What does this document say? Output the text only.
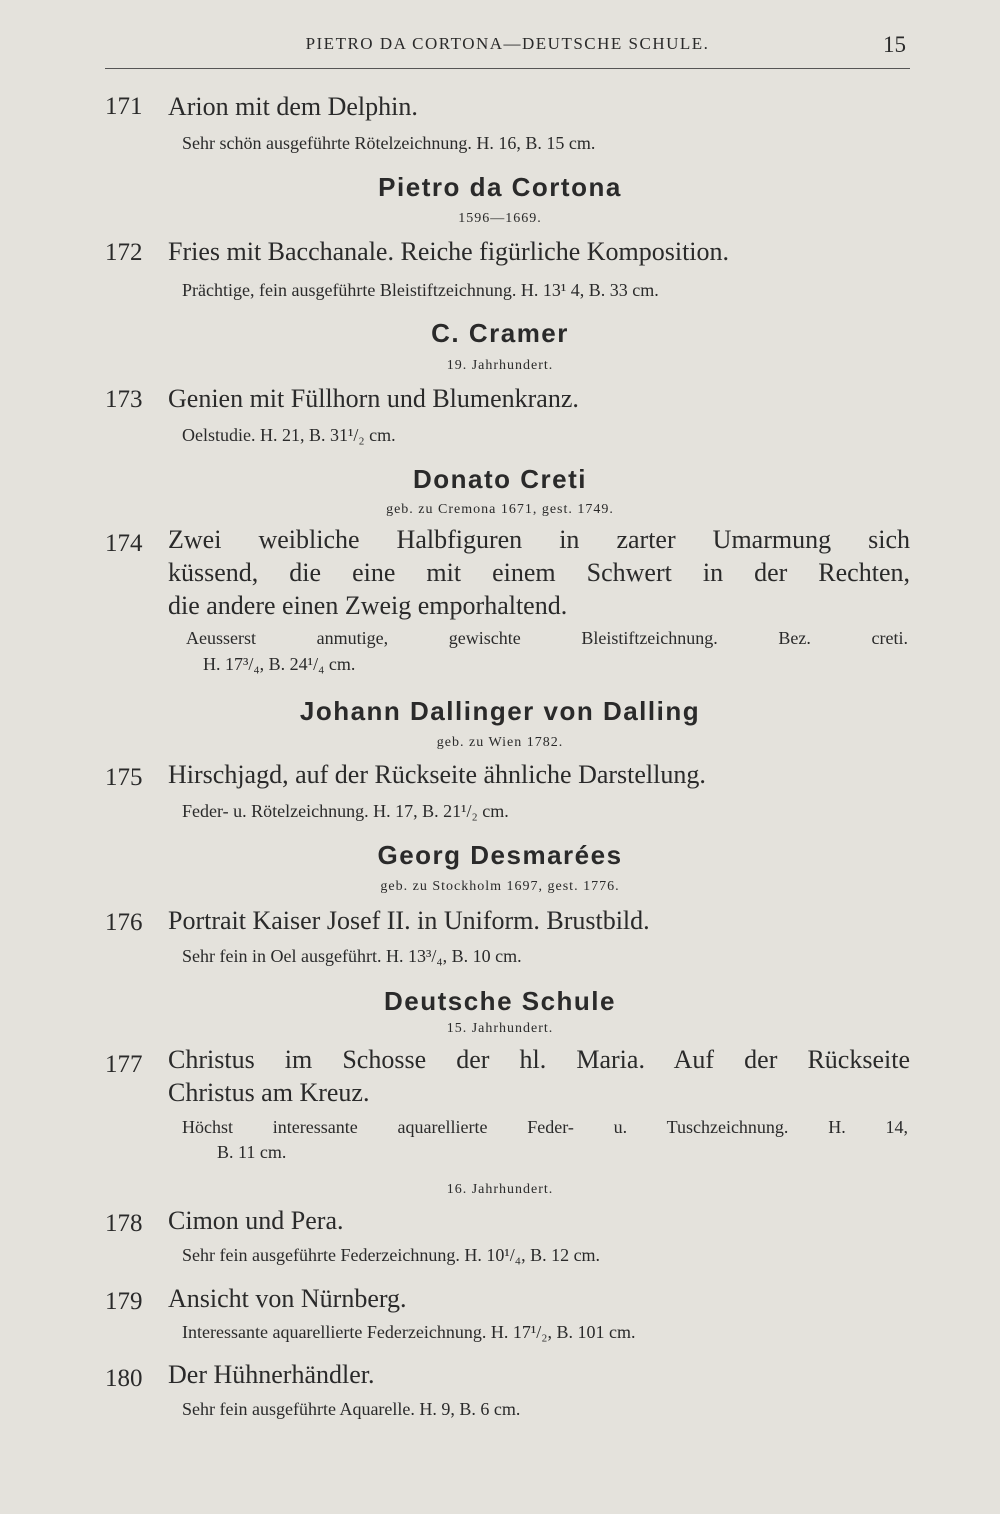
PIETRO DA CORTONA—DEUTSCHE SCHULE.	15
171 Arion mit dem Delphin.
Sehr schön ausgeführte Rötelzeichnung. H. 16, B. 15 cm.
Pietro da Cortona
1596—1669.
172 Fries mit Bacchanale. Reiche figürliche Komposition.
Prächtige, fein ausgeführte Bleistiftzeichnung. H. 13¹ 4, B. 33 cm.
C. Cramer
19. Jahrhundert.
173 Genien mit Füllhorn und Blumenkranz.
Oelstudie. H. 21, B. 31¹/₂ cm.
Donato Creti
geb. zu Cremona 1671, gest. 1749.
174 Zwei weibliche Halbfiguren in zarter Umarmung sich
küssend, die eine mit einem Schwert in der Rechten,
die andere einen Zweig emporhaltend.
Aeusserst anmutige, gewischte Bleistiftzeichnung. Bez. creti.
H. 17³/₄, B. 24¹/₄ cm.
Johann Dallinger von Dalling
geb. zu Wien 1782.
175 Hirschjagd, auf der Rückseite ähnliche Darstellung.
Feder- u. Rötelzeichnung. H. 17, B. 21¹/₂ cm.
Georg Desmarées
geb. zu Stockholm 1697, gest. 1776.
176 Portrait Kaiser Josef II. in Uniform. Brustbild.
Sehr fein in Oel ausgeführt. H. 13³/₄, B. 10 cm.
Deutsche Schule
15. Jahrhundert.
177 Christus im Schosse der hl. Maria. Auf der Rückseite
Christus am Kreuz.
Höchst interessante aquarellierte Feder- u. Tuschzeichnung. H. 14,
B. 11 cm.
16. Jahrhundert.
178 Cimon und Pera.
Sehr fein ausgeführte Federzeichnung. H. 10¹/₄, B. 12 cm.
179 Ansicht von Nürnberg.
Interessante aquarellierte Federzeichnung. H. 17¹/₂, B. 101 cm.
180 Der Hühnerhändler.
Sehr fein ausgeführte Aquarelle. H. 9, B. 6 cm.
